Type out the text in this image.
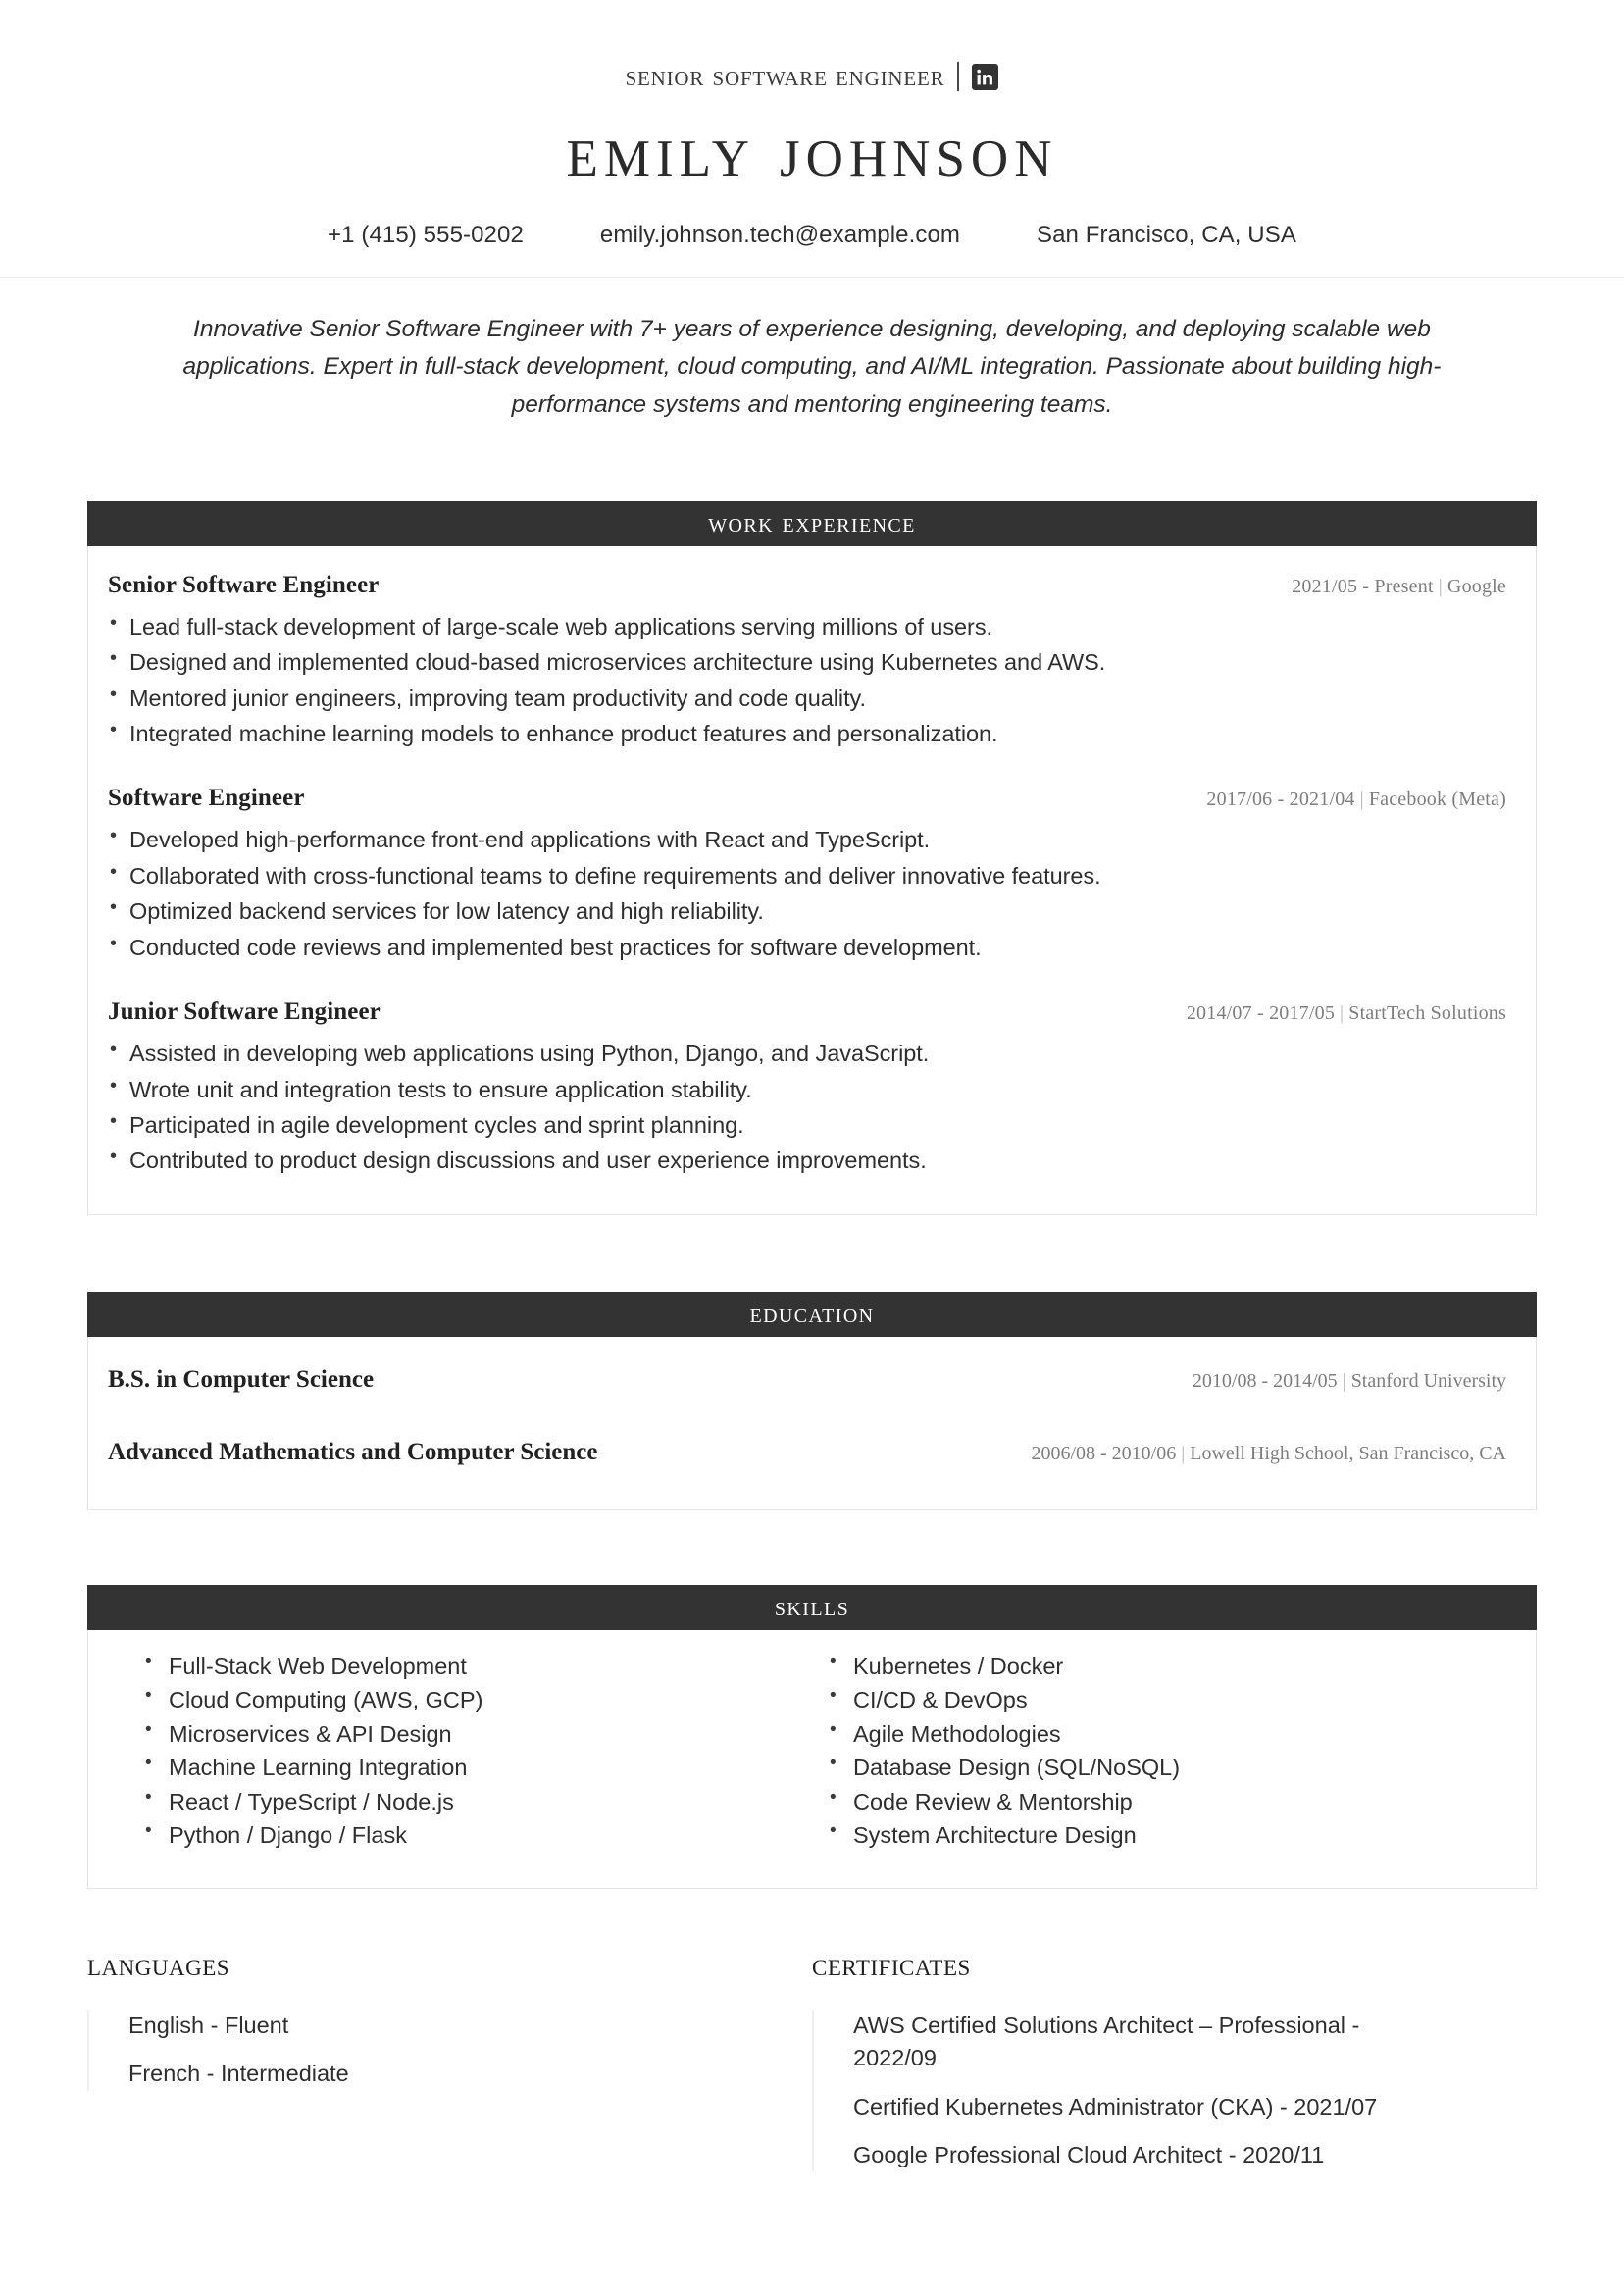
senior software engineer
emily johnson
+1 (415) 555-0202	emily.johnson.tech@example.com	San Francisco, CA, USA
Innovative Senior Software Engineer with 7+ years of experience designing, developing, and deploying scalable web applications. Expert in full-stack development, cloud computing, and AI/ML integration. Passionate about building high-performance systems and mentoring engineering teams.
work experience
Senior Software Engineer	2021/05 - Present | Google
• Lead full-stack development of large-scale web applications serving millions of users.
• Designed and implemented cloud-based microservices architecture using Kubernetes and AWS.
• Mentored junior engineers, improving team productivity and code quality.
• Integrated machine learning models to enhance product features and personalization.
Software Engineer	2017/06 - 2021/04 | Facebook (Meta)
• Developed high-performance front-end applications with React and TypeScript.
• Collaborated with cross-functional teams to define requirements and deliver innovative features.
• Optimized backend services for low latency and high reliability.
• Conducted code reviews and implemented best practices for software development.
Junior Software Engineer	2014/07 - 2017/05 | StartTech Solutions
• Assisted in developing web applications using Python, Django, and JavaScript.
• Wrote unit and integration tests to ensure application stability.
• Participated in agile development cycles and sprint planning.
• Contributed to product design discussions and user experience improvements.
education
B.S. in Computer Science	2010/08 - 2014/05 | Stanford University
Advanced Mathematics and Computer Science	2006/08 - 2010/06 | Lowell High School, San Francisco, CA
skills
• Full-Stack Web Development
• Cloud Computing (AWS, GCP)
• Microservices & API Design
• Machine Learning Integration
• React / TypeScript / Node.js
• Python / Django / Flask
• Kubernetes / Docker
• CI/CD & DevOps
• Agile Methodologies
• Database Design (SQL/NoSQL)
• Code Review & Mentorship
• System Architecture Design
languages
English - Fluent
French - Intermediate
certificates
AWS Certified Solutions Architect – Professional - 2022/09
Certified Kubernetes Administrator (CKA) - 2021/07
Google Professional Cloud Architect - 2020/11
